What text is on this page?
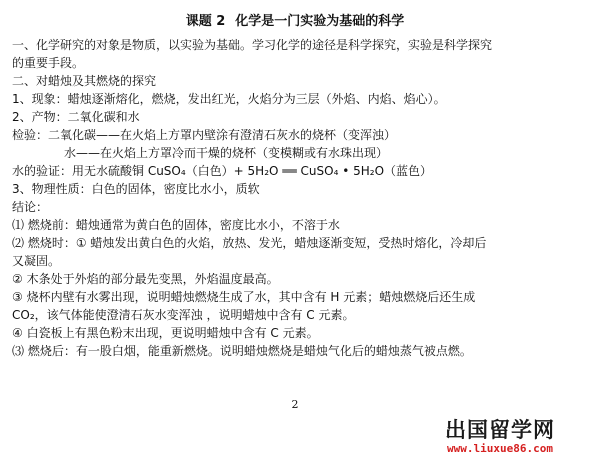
课题 2 化学是一门实验为基础的科学
一、化学研究的对象是物质，以实验为基础。学习化学的途径是科学探究，实验是科学探究
的重要手段。
二、对蜡烛及其燃烧的探究
1、现象：蜡烛逐渐熔化，燃烧，发出红光，火焰分为三层（外焰、内焰、焰心）。
2、产物：二氧化碳和水
检验：二氧化碳——在火焰上方罩内壁涂有澄清石灰水的烧杯（变浑浊）
水——在火焰上方罩冷而干燥的烧杯（变模糊或有水珠出现）
水的验证：用无水硫酸铜 CuSO₄（白色）+ 5H₂O ══ CuSO₄ • 5H₂O（蓝色）
3、物理性质：白色的固体，密度比水小，质软
结论：
⑴ 燃烧前：蜡烛通常为黄白色的固体，密度比水小，不溶于水
⑵ 燃烧时：① 蜡烛发出黄白色的火焰，放热、发光，蜡烛逐渐变短，受热时熔化，冷却后
又凝固。
② 木条处于外焰的部分最先变黑，外焰温度最高。
③ 烧杯内壁有水雾出现，说明蜡烛燃烧生成了水，其中含有 H 元素；蜡烛燃烧后还生成
CO₂，该气体能使澄清石灰水变浑浊 ，说明蜡烛中含有 C 元素。
④ 白瓷板上有黑色粉末出现，更说明蜡烛中含有 C 元素。
⑶ 燃烧后：有一股白烟，能重新燃烧。说明蜡烛燃烧是蜡烛气化后的蜡烛蒸气被点燃。
2
出国留学网
www.liuxue86.com
